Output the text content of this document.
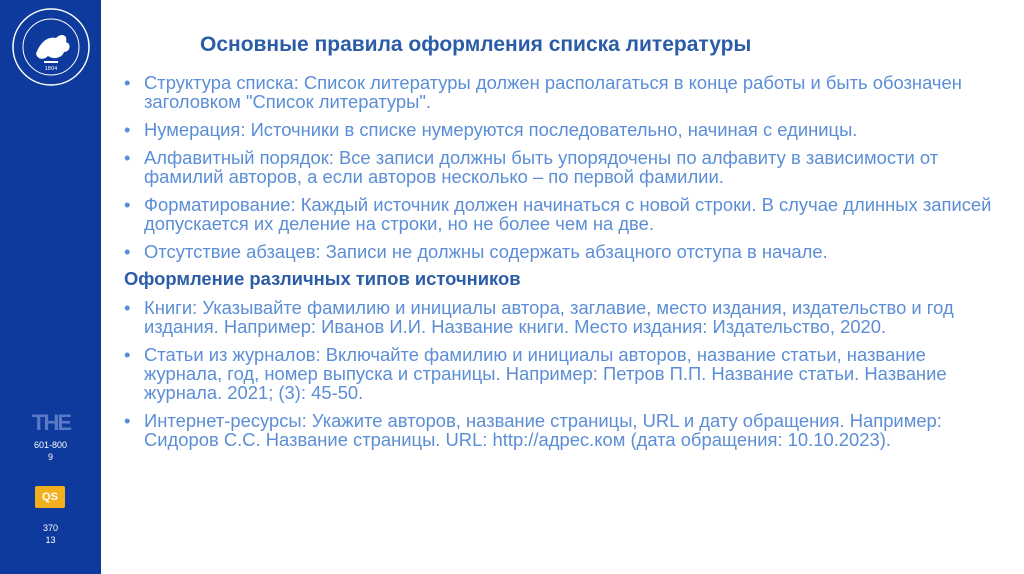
1804
THE
601-800
9
QS
370
13
Основные правила оформления списка литературы
• Структура списка: Список литературы должен располагаться в конце работы и быть обозначен заголовком "Список литературы".
• Нумерация: Источники в списке нумеруются последовательно, начиная с единицы.
• Алфавитный порядок: Все записи должны быть упорядочены по алфавиту в зависимости от фамилий авторов, а если авторов несколько – по первой фамилии.
• Форматирование: Каждый источник должен начинаться с новой строки. В случае длинных записей допускается их деление на строки, но не более чем на две.
• Отсутствие абзацев: Записи не должны содержать абзацного отступа в начале.
Оформление различных типов источников
• Книги: Указывайте фамилию и инициалы автора, заглавие, место издания, издательство и год издания. Например: Иванов И.И. Название книги. Место издания: Издательство, 2020.
• Статьи из журналов: Включайте фамилию и инициалы авторов, название статьи, название журнала, год, номер выпуска и страницы. Например: Петров П.П. Название статьи. Название журнала. 2021; (3): 45-50.
• Интернет-ресурсы: Укажите авторов, название страницы, URL и дату обращения. Например: Сидоров С.С. Название страницы. URL: http://адрес.ком (дата обращения: 10.10.2023).
